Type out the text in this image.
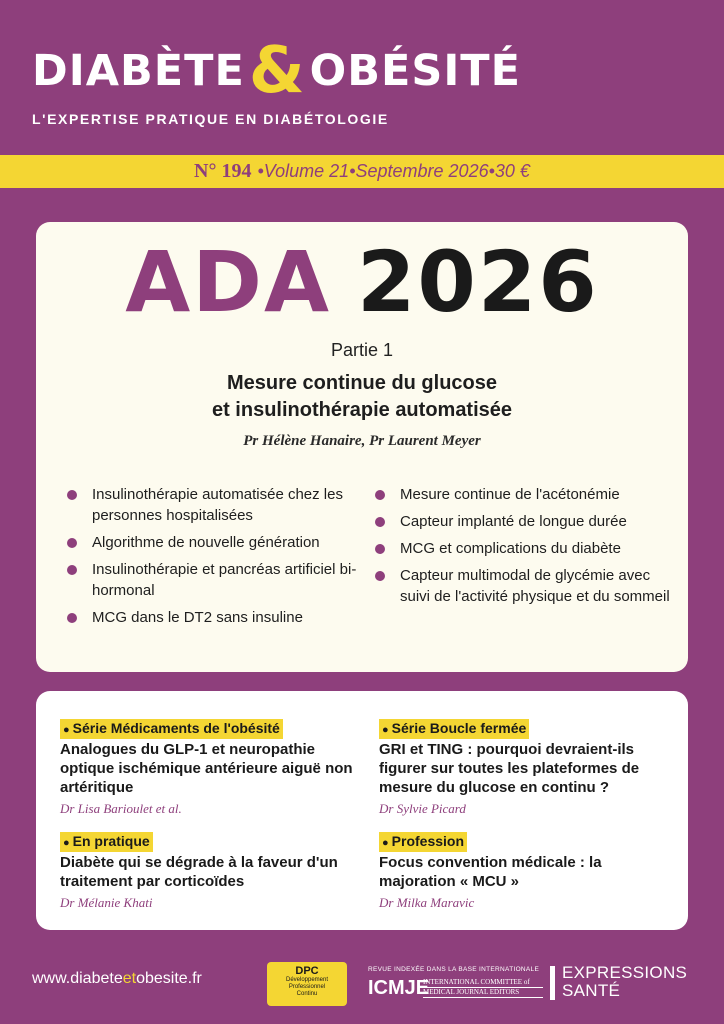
DIABÈTE & OBÉSITÉ
L'EXPERTISE PRATIQUE EN DIABÉTOLOGIE
N° 194 • Volume 21 • Septembre 2026 • 30 €
ADA 2026
Partie 1
Mesure continue du glucose
et insulinothérapie automatisée
Pr Hélène Hanaire, Pr Laurent Meyer
Insulinothérapie automatisée chez les personnes hospitalisées
Algorithme de nouvelle génération
Insulinothérapie et pancréas artificiel bi-hormonal
MCG dans le DT2 sans insuline
Mesure continue de l'acétonémie
Capteur implanté de longue durée
MCG et complications du diabète
Capteur multimodal de glycémie avec suivi de l'activité physique et du sommeil
● Série Médicaments de l'obésité
Analogues du GLP-1 et neuropathie optique ischémique antérieure aiguë non artéritique
Dr Lisa Barioulet et al.
● Série Boucle fermée
GRI et TING : pourquoi devraient-ils figurer sur toutes les plateformes de mesure du glucose en continu ?
Dr Sylvie Picard
● En pratique
Diabète qui se dégrade à la faveur d'un traitement par corticoïdes
Dr Mélanie Khati
● Profession
Focus convention médicale : la majoration « MCU »
Dr Milka Maravic
www.diabeteetobesite.fr	DPC
Développement
Professionnel
Continu
REVUE INDEXÉE DANS LA BASE INTERNATIONALE
ICMJE
INTERNATIONAL COMMITTEE of
MEDICAL JOURNAL EDITORS
EXPRESSIONS
SANTÉ
